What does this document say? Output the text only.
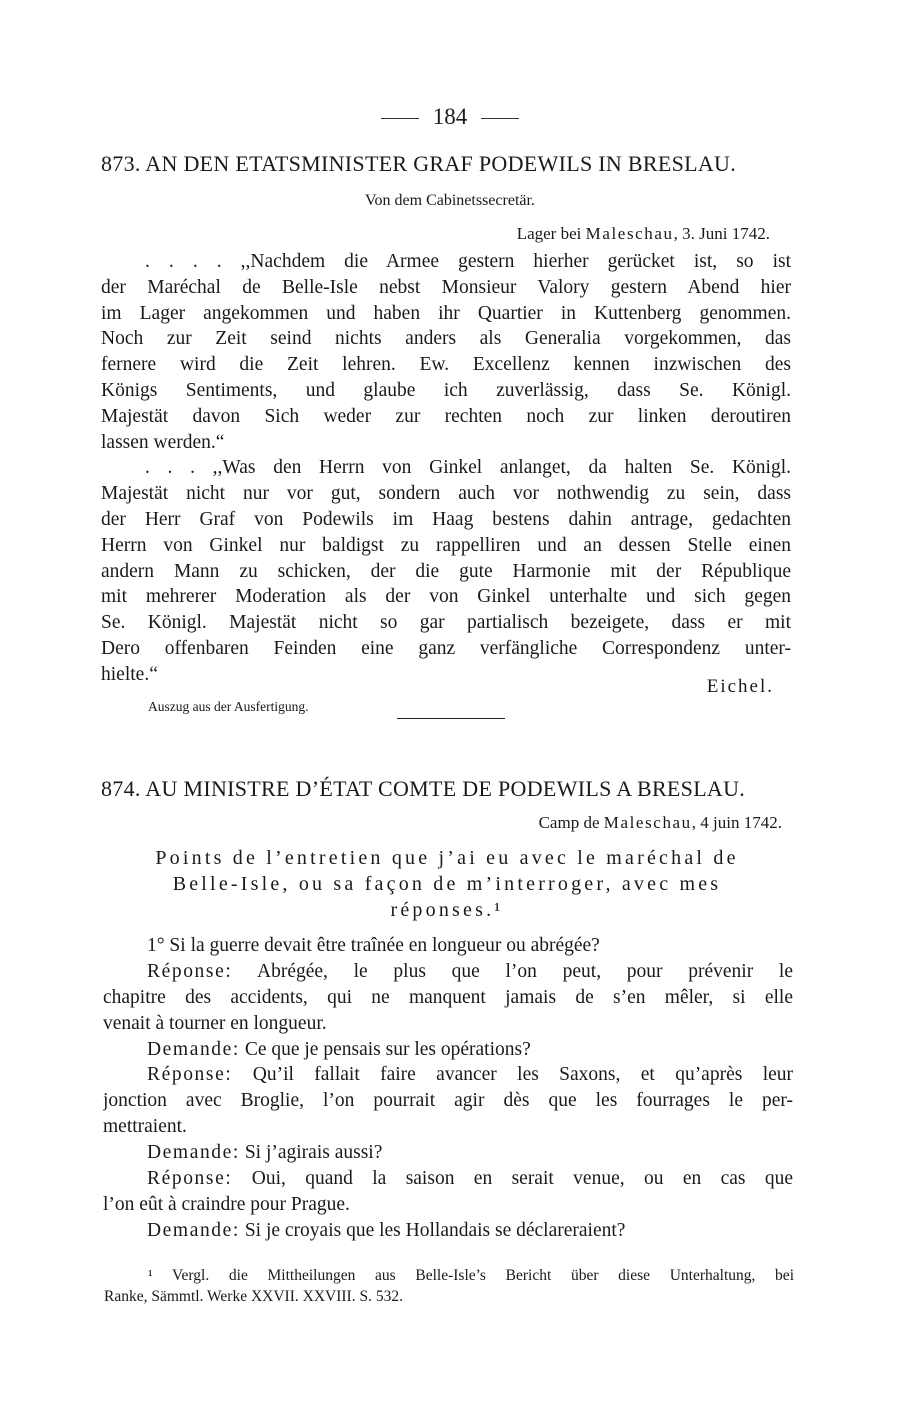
184
873. AN DEN ETATSMINISTER GRAF PODEWILS IN BRESLAU.
Von dem Cabinetssecretär.
Lager bei Maleschau, 3. Juni 1742.
. . . . ,,Nachdem die Armee gestern hierher gerücket ist, so ist
der Maréchal de Belle-Isle nebst Monsieur Valory gestern Abend hier
im Lager angekommen und haben ihr Quartier in Kuttenberg genommen.
Noch zur Zeit seind nichts anders als Generalia vorgekommen, das
fernere wird die Zeit lehren. Ew. Excellenz kennen inzwischen des
Königs Sentiments, und glaube ich zuverlässig, dass Se. Königl.
Majestät davon Sich weder zur rechten noch zur linken deroutiren
lassen werden.“
. . . ,,Was den Herrn von Ginkel anlanget, da halten Se. Königl.
Majestät nicht nur vor gut, sondern auch vor nothwendig zu sein, dass
der Herr Graf von Podewils im Haag bestens dahin antrage, gedachten
Herrn von Ginkel nur baldigst zu rappelliren und an dessen Stelle einen
andern Mann zu schicken, der die gute Harmonie mit der République
mit mehrerer Moderation als der von Ginkel unterhalte und sich gegen
Se. Königl. Majestät nicht so gar partialisch bezeigete, dass er mit
Dero offenbaren Feinden eine ganz verfängliche Correspondenz unter-
hielte.“
Eichel.
Auszug aus der Ausfertigung.
874. AU MINISTRE D’ÉTAT COMTE DE PODEWILS A BRESLAU.
Camp de Maleschau, 4 juin 1742.
Points de l’entretien que j’ai eu avec le maréchal de
Belle-Isle, ou sa façon de m’interroger, avec mes
réponses.¹
1° Si la guerre devait être traînée en longueur ou abrégée?
Réponse: Abrégée, le plus que l’on peut, pour prévenir le
chapitre des accidents, qui ne manquent jamais de s’en mêler, si elle
venait à tourner en longueur.
Demande: Ce que je pensais sur les opérations?
Réponse: Qu’il fallait faire avancer les Saxons, et qu’après leur
jonction avec Broglie, l’on pourrait agir dès que les fourrages le per-
mettraient.
Demande: Si j’agirais aussi?
Réponse: Oui, quand la saison en serait venue, ou en cas que
l’on eût à craindre pour Prague.
Demande: Si je croyais que les Hollandais se déclareraient?
¹ Vergl. die Mittheilungen aus Belle-Isle’s Bericht über diese Unterhaltung, bei
Ranke, Sämmtl. Werke XXVII. XXVIII. S. 532.
